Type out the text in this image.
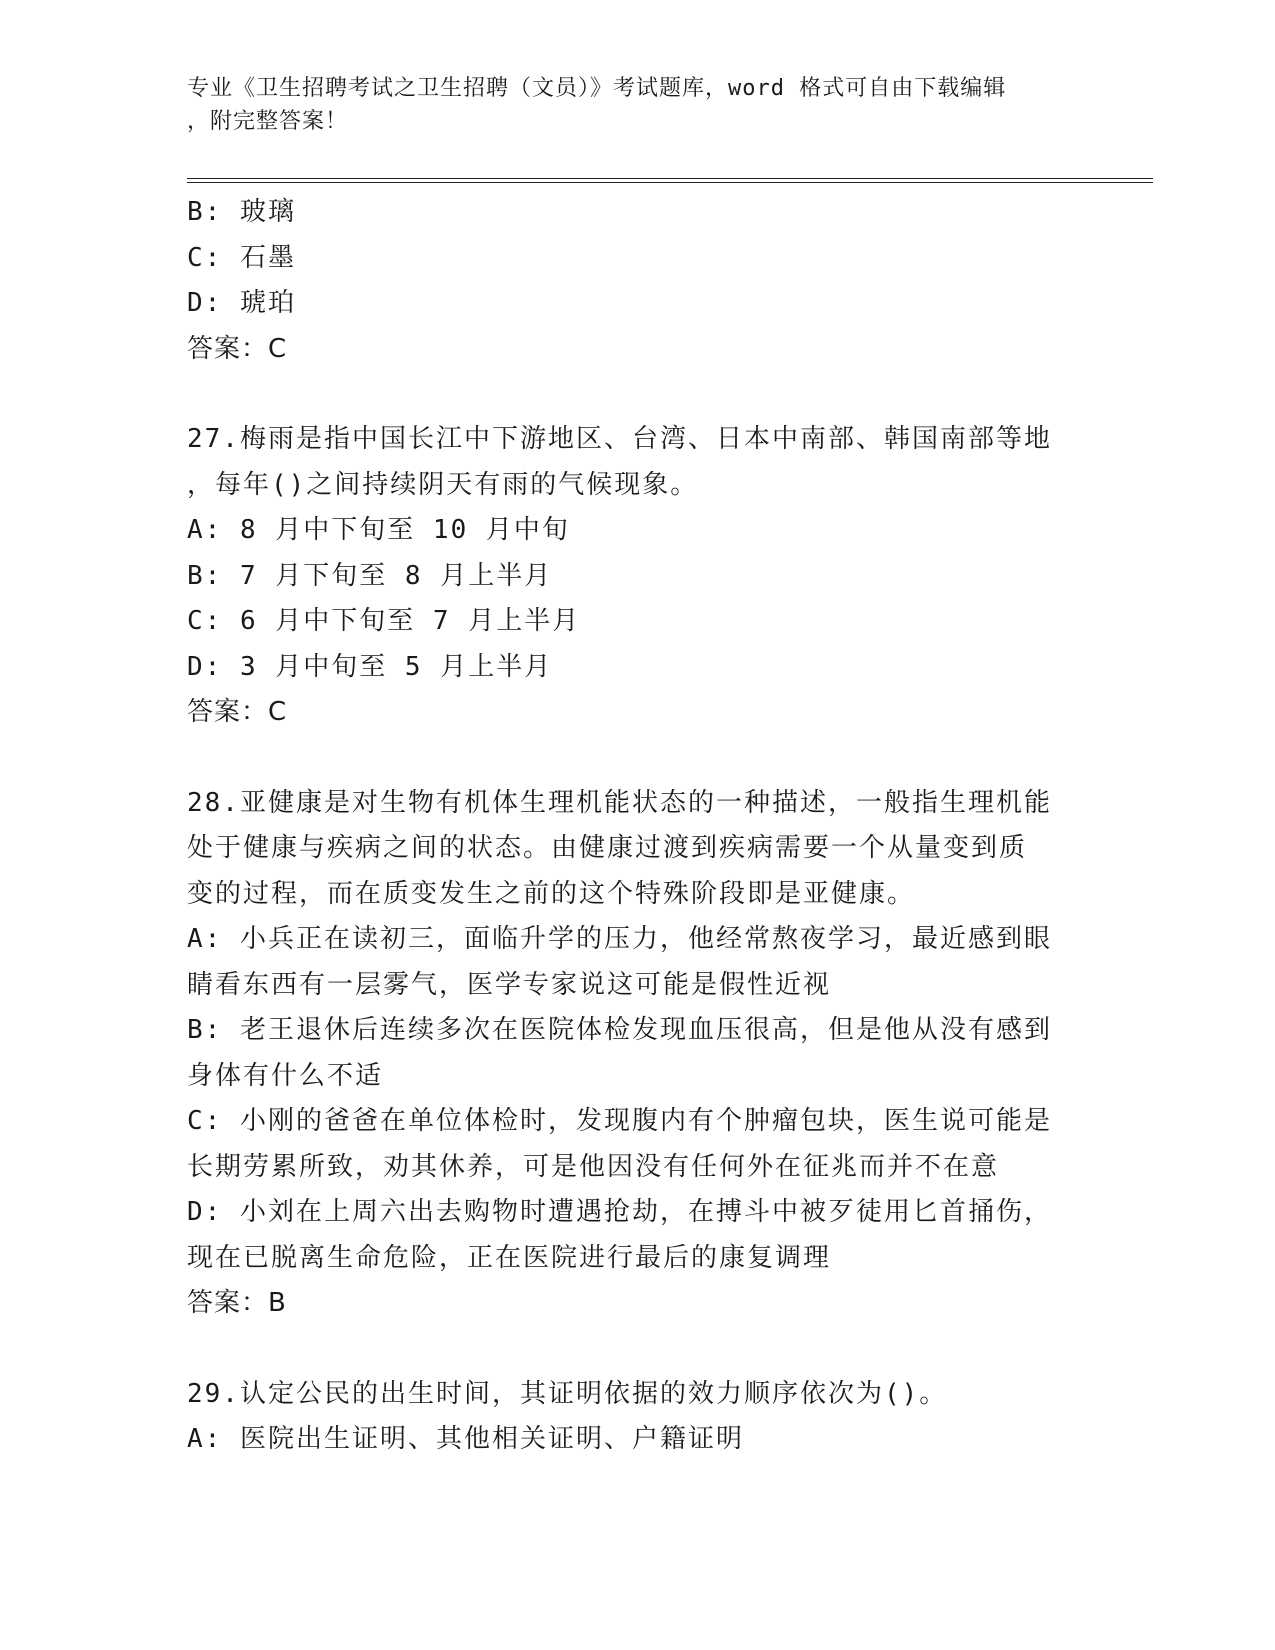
专业《卫生招聘考试之卫生招聘（文员）》考试题库，word 格式可自由下载编辑
，附完整答案！

B: 玻璃

C: 石墨

D: 琥珀

答案：C

27.梅雨是指中国长江中下游地区、台湾、日本中南部、韩国南部等地

，每年()之间持续阴天有雨的气候现象。

A: 8 月中下旬至 10 月中旬

B: 7 月下旬至 8 月上半月

C: 6 月中下旬至 7 月上半月

D: 3 月中旬至 5 月上半月

答案：C

28.亚健康是对生物有机体生理机能状态的一种描述，一般指生理机能

处于健康与疾病之间的状态。由健康过渡到疾病需要一个从量变到质

变的过程，而在质变发生之前的这个特殊阶段即是亚健康。

A: 小兵正在读初三，面临升学的压力，他经常熬夜学习，最近感到眼

睛看东西有一层雾气，医学专家说这可能是假性近视

B: 老王退休后连续多次在医院体检发现血压很高，但是他从没有感到

身体有什么不适

C: 小刚的爸爸在单位体检时，发现腹内有个肿瘤包块，医生说可能是

长期劳累所致，劝其休养，可是他因没有任何外在征兆而并不在意

D: 小刘在上周六出去购物时遭遇抢劫，在搏斗中被歹徒用匕首捅伤，

现在已脱离生命危险，正在医院进行最后的康复调理

答案：B

29.认定公民的出生时间，其证明依据的效力顺序依次为()。

A: 医院出生证明、其他相关证明、户籍证明
